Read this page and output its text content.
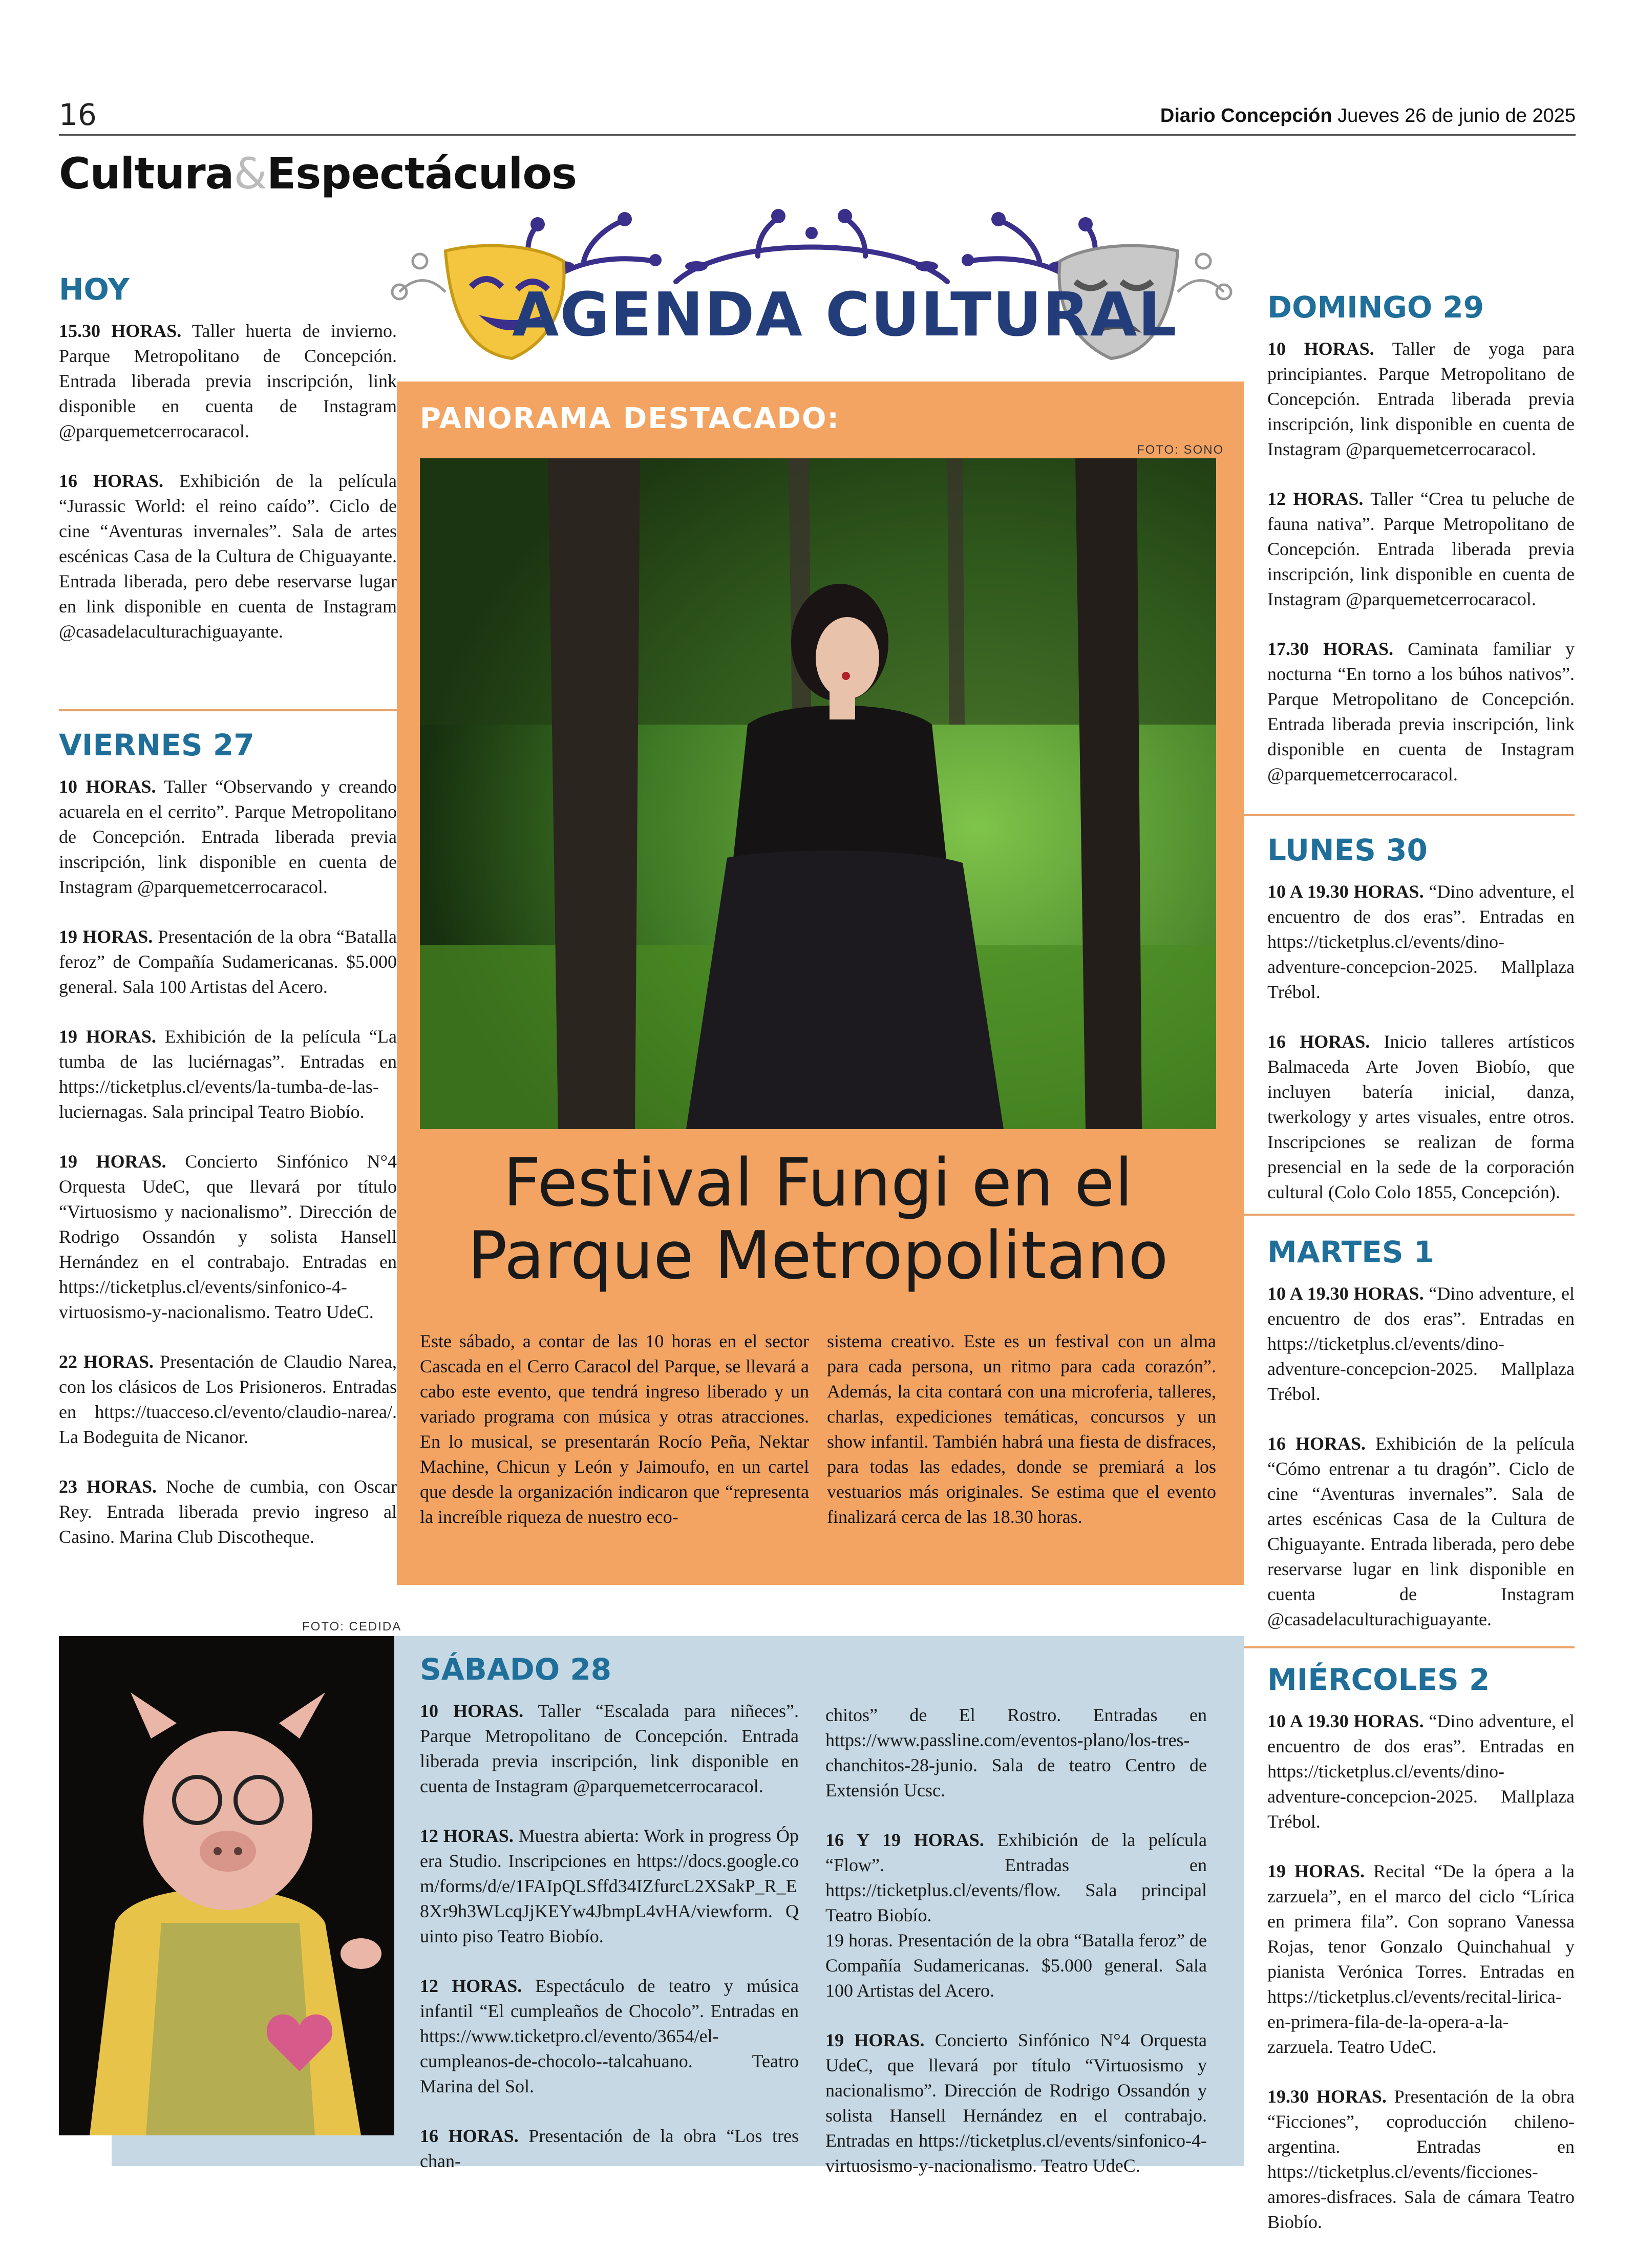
16	Diario Concepción Jueves 26 de junio de 2025
Cultura&Espectáculos
AGENDA CULTURAL
HOY
15.30 HORAS. Taller huerta de invierno. Parque Metropolitano de Concepción. Entrada liberada previa inscripción, link disponible en cuenta de Instagram @parquemetcerrocaracol.
16 HORAS. Exhibición de la película “Jurassic World: el reino caído”. Ciclo de cine “Aventuras invernales”. Sala de artes escénicas Casa de la Cultura de Chiguayante. Entrada liberada, pero debe reservarse lugar en link disponible en cuenta de Instagram @casadelaculturachiguayante.
VIERNES 27
10 HORAS. Taller “Observando y creando acuarela en el cerrito”. Parque Metropolitano de Concepción. Entrada liberada previa inscripción, link disponible en cuenta de Instagram @parquemetcerrocaracol.
19 HORAS. Presentación de la obra “Batalla feroz” de Compañía Sudamericanas. $5.000 general. Sala 100 Artistas del Acero.
19 HORAS. Exhibición de la película “La tumba de las luciérnagas”. Entradas en https://ticketplus.cl/events/la-tumba-de-las-luciernagas. Sala principal Teatro Biobío.
19 HORAS. Concierto Sinfónico N°4 Orquesta UdeC, que llevará por título “Virtuosismo y nacionalismo”. Dirección de Rodrigo Ossandón y solista Hansell Hernández en el contrabajo. Entradas en https://ticketplus.cl/events/sinfonico-4-virtuosismo-y-nacionalismo. Teatro UdeC.
22 HORAS. Presentación de Claudio Narea, con los clásicos de Los Prisioneros. Entradas en https://tuacceso.cl/evento/claudio-narea/. La Bodeguita de Nicanor.
23 HORAS. Noche de cumbia, con Oscar Rey. Entrada liberada previo ingreso al Casino. Marina Club Discotheque.
PANORAMA DESTACADO:
FOTO: SONO
Festival Fungi en el Parque Metropolitano
Este sábado, a contar de las 10 horas en el sector Cascada en el Cerro Caracol del Parque, se llevará a cabo este evento, que tendrá ingreso liberado y un variado programa con música y otras atracciones. En lo musical, se presentarán Rocío Peña, Nektar Machine, Chicun y León y Jaimoufo, en un cartel que desde la organización indicaron que “representa la increíble riqueza de nuestro eco-
sistema creativo. Este es un festival con un alma para cada persona, un ritmo para cada corazón”. Además, la cita contará con una microferia, talleres, charlas, expediciones temáticas, concursos y un show infantil. También habrá una fiesta de disfraces, para todas las edades, donde se premiará a los vestuarios más originales. Se estima que el evento finalizará cerca de las 18.30 horas.
DOMINGO 29
10 HORAS. Taller de yoga para principiantes. Parque Metropolitano de Concepción. Entrada liberada previa inscripción, link disponible en cuenta de Instagram @parquemetcerrocaracol.
12 HORAS. Taller “Crea tu peluche de fauna nativa”. Parque Metropolitano de Concepción. Entrada liberada previa inscripción, link disponible en cuenta de Instagram @parquemetcerrocaracol.
17.30 HORAS. Caminata familiar y nocturna “En torno a los búhos nativos”. Parque Metropolitano de Concepción. Entrada liberada previa inscripción, link disponible en cuenta de Instagram @parquemetcerrocaracol.
LUNES 30
10 A 19.30 HORAS. “Dino adventure, el encuentro de dos eras”. Entradas en https://ticketplus.cl/events/dino-adventure-concepcion-2025. Mallplaza Trébol.
16 HORAS. Inicio talleres artísticos Balmaceda Arte Joven Biobío, que incluyen batería inicial, danza, twerkology y artes visuales, entre otros. Inscripciones se realizan de forma presencial en la sede de la corporación cultural (Colo Colo 1855, Concepción).
MARTES 1
10 A 19.30 HORAS. “Dino adventure, el encuentro de dos eras”. Entradas en https://ticketplus.cl/events/dino-adventure-concepcion-2025. Mallplaza Trébol.
16 HORAS. Exhibición de la película “Cómo entrenar a tu dragón”. Ciclo de cine “Aventuras invernales”. Sala de artes escénicas Casa de la Cultura de Chiguayante. Entrada liberada, pero debe reservarse lugar en link disponible en cuenta de Instagram @casadelaculturachiguayante.
MIÉRCOLES 2
10 A 19.30 HORAS. “Dino adventure, el encuentro de dos eras”. Entradas en https://ticketplus.cl/events/dino-adventure-concepcion-2025. Mallplaza Trébol.
19 HORAS. Recital “De la ópera a la zarzuela”, en el marco del ciclo “Lírica en primera fila”. Con soprano Vanessa Rojas, tenor Gonzalo Quinchahual y pianista Verónica Torres. Entradas en https://ticketplus.cl/events/recital-lirica-en-primera-fila-de-la-opera-a-la-zarzuela. Teatro UdeC.
19.30 HORAS. Presentación de la obra “Ficciones”, coproducción chileno-argentina. Entradas en https://ticketplus.cl/events/ficciones-amores-disfraces. Sala de cámara Teatro Biobío.
FOTO: CEDIDA
SÁBADO 28
10 HORAS. Taller “Escalada para niñeces”. Parque Metropolitano de Concepción. Entrada liberada previa inscripción, link disponible en cuenta de Instagram @parquemetcerrocaracol.
12 HORAS. Muestra abierta: Work in progress Ópera Studio. Inscripciones en https://docs.google.com/forms/d/e/1FAIpQLSffd34IZfurcL2XSakP_R_E8Xr9h3WLcqJjKEYw4JbmpL4vHA/viewform. Quinto piso Teatro Biobío.
12 HORAS. Espectáculo de teatro y música infantil “El cumpleaños de Chocolo”. Entradas en https://www.ticketpro.cl/evento/3654/el-cumpleanos-de-chocolo--talcahuano. Teatro Marina del Sol.
16 HORAS. Presentación de la obra “Los tres chan-
chitos” de El Rostro. Entradas en https://www.passline.com/eventos-plano/los-tres-chanchitos-28-junio. Sala de teatro Centro de Extensión Ucsc.
16 Y 19 HORAS. Exhibición de la película “Flow”. Entradas en https://ticketplus.cl/events/flow. Sala principal Teatro Biobío.
19 horas. Presentación de la obra “Batalla feroz” de Compañía Sudamericanas. $5.000 general. Sala 100 Artistas del Acero.
19 HORAS. Concierto Sinfónico N°4 Orquesta UdeC, que llevará por título “Virtuosismo y nacionalismo”. Dirección de Rodrigo Ossandón y solista Hansell Hernández en el contrabajo. Entradas en https://ticketplus.cl/events/sinfonico-4-virtuosismo-y-nacionalismo. Teatro UdeC.
